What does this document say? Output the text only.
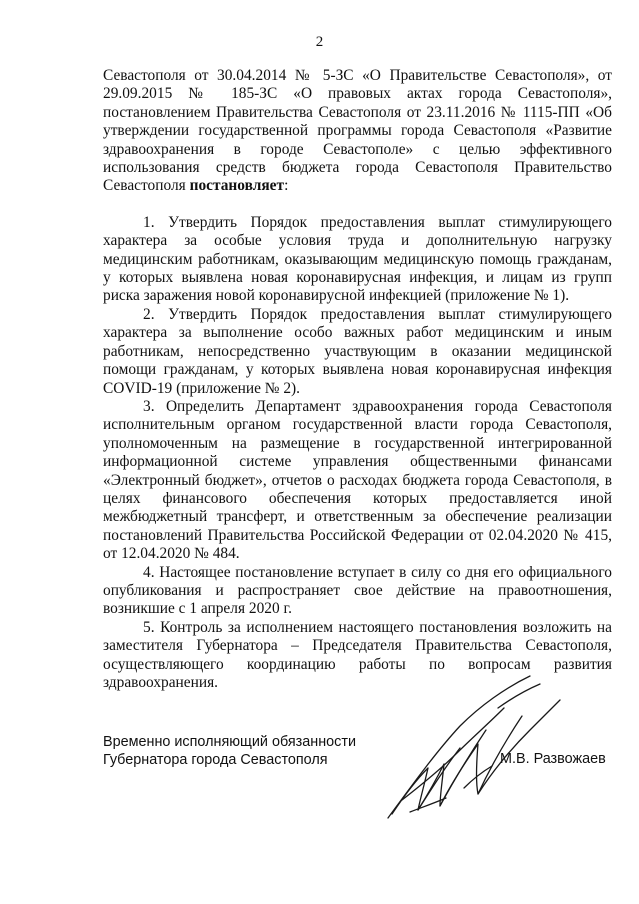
2

Севастополя от 30.04.2014 № 5-ЗС «О Правительстве Севастополя», от 29.09.2015 № 185-ЗС «О правовых актах города Севастополя», постановлением Правительства Севастополя от 23.11.2016 № 1115-ПП «Об утверждении государственной программы города Севастополя «Развитие здравоохранения в городе Севастополе» с целью эффективного использования средств бюджета города Севастополя Правительство Севастополя постановляет:

1. Утвердить Порядок предоставления выплат стимулирующего характера за особые условия труда и дополнительную нагрузку медицинским работникам, оказывающим медицинскую помощь гражданам, у которых выявлена новая коронавирусная инфекция, и лицам из групп риска заражения новой коронавирусной инфекцией (приложение № 1).

2. Утвердить Порядок предоставления выплат стимулирующего характера за выполнение особо важных работ медицинским и иным работникам, непосредственно участвующим в оказании медицинской помощи гражданам, у которых выявлена новая коронавирусная инфекция COVID-19 (приложение № 2).

3. Определить Департамент здравоохранения города Севастополя исполнительным органом государственной власти города Севастополя, уполномоченным на размещение в государственной интегрированной информационной системе управления общественными финансами «Электронный бюджет», отчетов о расходах бюджета города Севастополя, в целях финансового обеспечения которых предоставляется иной межбюджетный трансферт, и ответственным за обеспечение реализации постановлений Правительства Российской Федерации от 02.04.2020 № 415, от 12.04.2020 № 484.

4. Настоящее постановление вступает в силу со дня его официального опубликования и распространяет свое действие на правоотношения, возникшие с 1 апреля 2020 г.

5. Контроль за исполнением настоящего постановления возложить на заместителя Губернатора – Председателя Правительства Севастополя, осуществляющего координацию работы по вопросам развития здравоохранения.

Временно исполняющий обязанности
Губернатора города Севастополя	М.В. Развожаев
